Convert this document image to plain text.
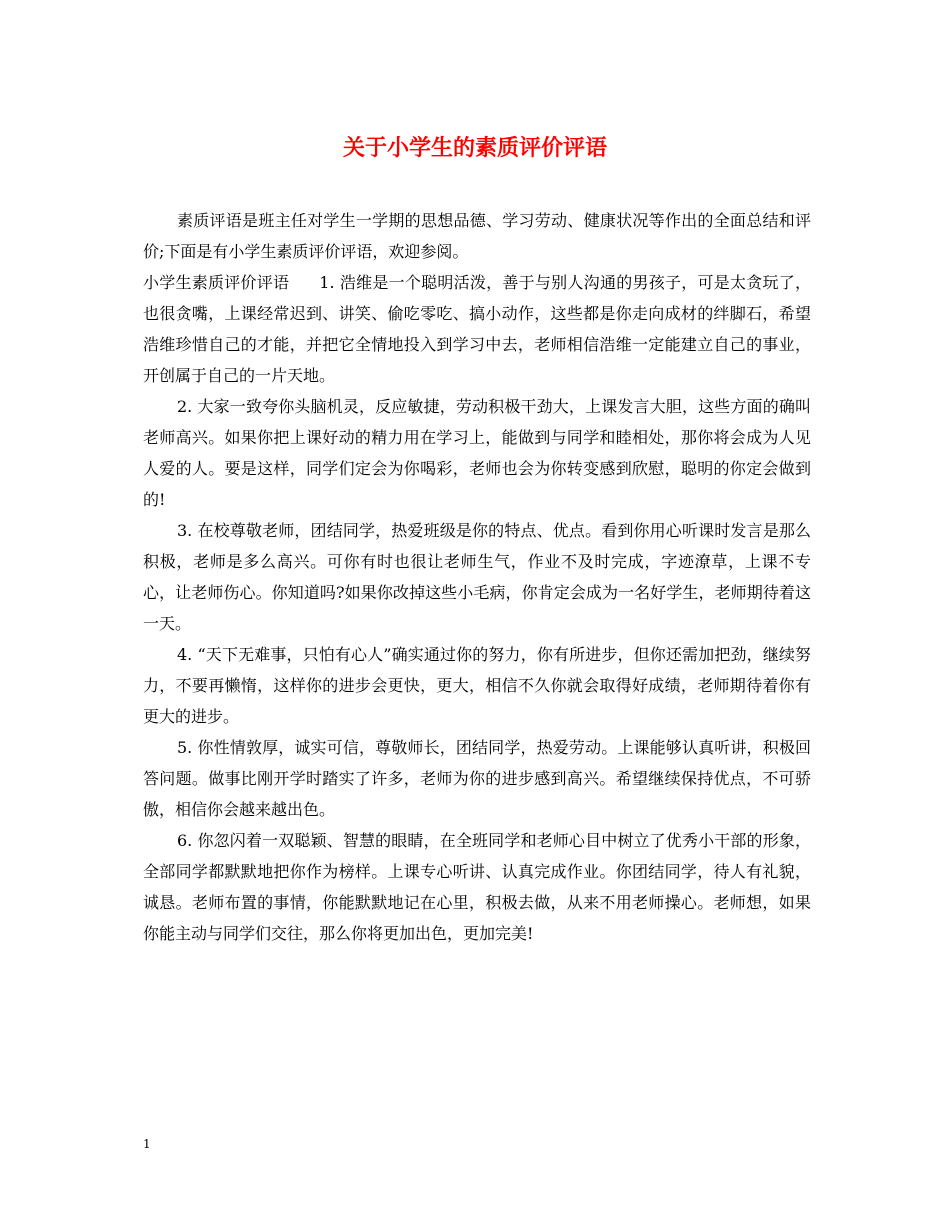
关于小学生的素质评价评语

素质评语是班主任对学生一学期的思想品德、学习劳动、健康状况等作出的全面总结和评价;下面是有小学生素质评价评语，欢迎参阅。

小学生素质评价评语 1. 浩维是一个聪明活泼，善于与别人沟通的男孩子，可是太贪玩了，也很贪嘴，上课经常迟到、讲笑、偷吃零吃、搞小动作，这些都是你走向成材的绊脚石，希望浩维珍惜自己的才能，并把它全情地投入到学习中去，老师相信浩维一定能建立自己的事业，开创属于自己的一片天地。

2. 大家一致夸你头脑机灵，反应敏捷，劳动积极干劲大，上课发言大胆，这些方面的确叫老师高兴。如果你把上课好动的精力用在学习上，能做到与同学和睦相处，那你将会成为人见人爱的人。要是这样，同学们定会为你喝彩，老师也会为你转变感到欣慰，聪明的你定会做到的!

3. 在校尊敬老师，团结同学，热爱班级是你的特点、优点。看到你用心听课时发言是那么积极，老师是多么高兴。可你有时也很让老师生气，作业不及时完成，字迹潦草，上课不专心，让老师伤心。你知道吗?如果你改掉这些小毛病，你肯定会成为一名好学生，老师期待着这一天。

4. “天下无难事，只怕有心人”确实通过你的努力，你有所进步，但你还需加把劲，继续努力，不要再懒惰，这样你的进步会更快，更大，相信不久你就会取得好成绩，老师期待着你有更大的进步。

5. 你性情敦厚，诚实可信，尊敬师长，团结同学，热爱劳动。上课能够认真听讲，积极回答问题。做事比刚开学时踏实了许多，老师为你的进步感到高兴。希望继续保持优点，不可骄傲，相信你会越来越出色。

6. 你忽闪着一双聪颖、智慧的眼睛，在全班同学和老师心目中树立了优秀小干部的形象，全部同学都默默地把你作为榜样。上课专心听讲、认真完成作业。你团结同学，待人有礼貌，诚恳。老师布置的事情，你能默默地记在心里，积极去做，从来不用老师操心。老师想，如果你能主动与同学们交往，那么你将更加出色，更加完美!

1
